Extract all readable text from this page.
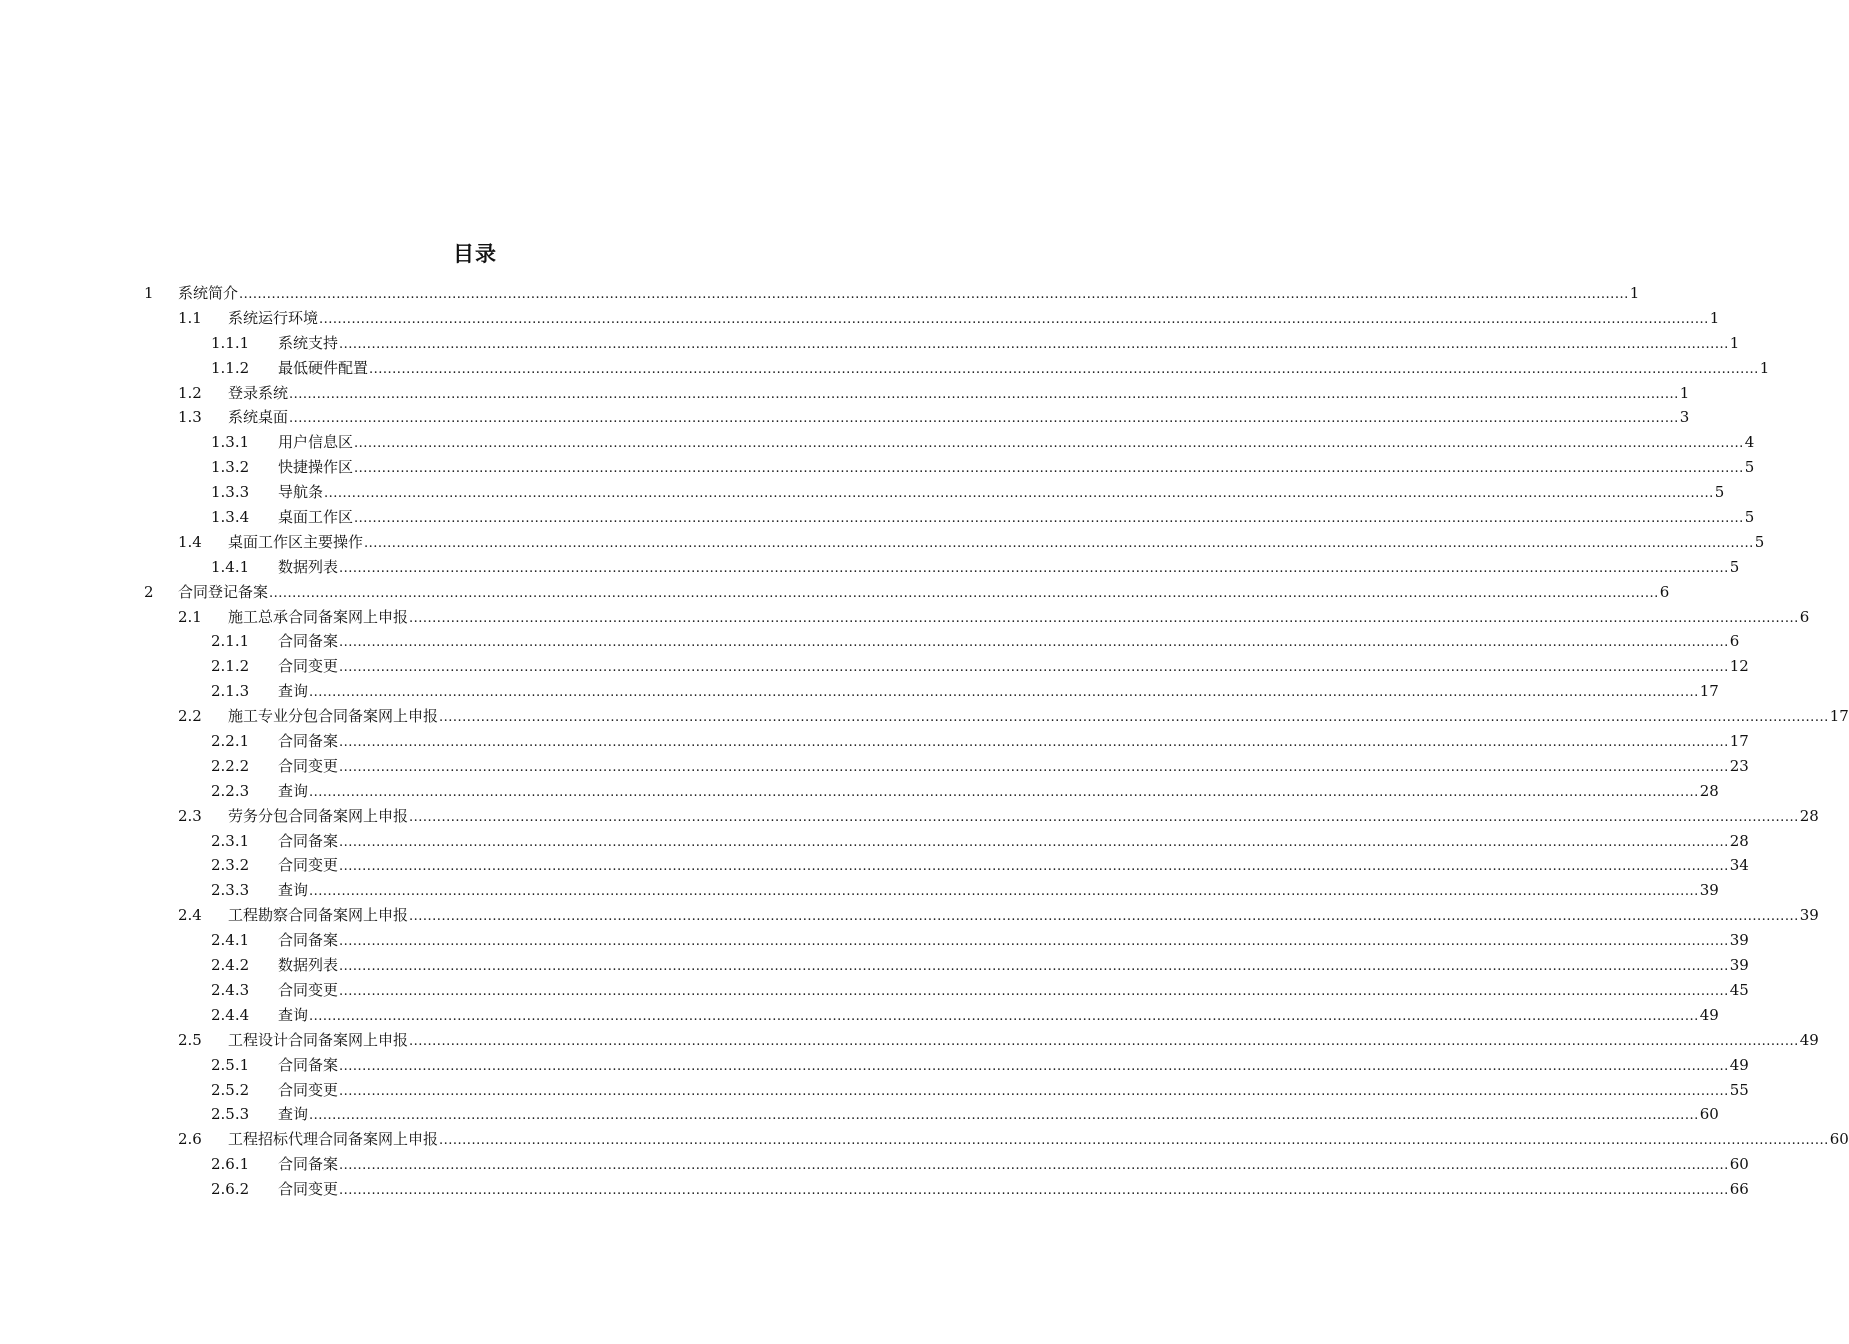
目录
1 系统简介 ............................................................................................................................................................................................................................................................................................................ 1
1.1 系统运行环境 ............................................................................................................................................................................................................................................................................................................ 1
1.1.1 系统支持 ............................................................................................................................................................................................................................................................................................................ 1
1.1.2 最低硬件配置 ............................................................................................................................................................................................................................................................................................................ 1
1.2 登录系统 ............................................................................................................................................................................................................................................................................................................ 1
1.3 系统桌面 ............................................................................................................................................................................................................................................................................................................ 3
1.3.1 用户信息区 ............................................................................................................................................................................................................................................................................................................ 4
1.3.2 快捷操作区 ............................................................................................................................................................................................................................................................................................................ 5
1.3.3 导航条 ............................................................................................................................................................................................................................................................................................................ 5
1.3.4 桌面工作区 ............................................................................................................................................................................................................................................................................................................ 5
1.4 桌面工作区主要操作 ............................................................................................................................................................................................................................................................................................................ 5
1.4.1 数据列表 ............................................................................................................................................................................................................................................................................................................ 5
2 合同登记备案 ............................................................................................................................................................................................................................................................................................................ 6
2.1 施工总承合同备案网上申报 ............................................................................................................................................................................................................................................................................................................ 6
2.1.1 合同备案 ............................................................................................................................................................................................................................................................................................................ 6
2.1.2 合同变更 ............................................................................................................................................................................................................................................................................................................ 12
2.1.3 查询 ............................................................................................................................................................................................................................................................................................................ 17
2.2 施工专业分包合同备案网上申报 ............................................................................................................................................................................................................................................................................................................ 17
2.2.1 合同备案 ............................................................................................................................................................................................................................................................................................................ 17
2.2.2 合同变更 ............................................................................................................................................................................................................................................................................................................ 23
2.2.3 查询 ............................................................................................................................................................................................................................................................................................................ 28
2.3 劳务分包合同备案网上申报 ............................................................................................................................................................................................................................................................................................................ 28
2.3.1 合同备案 ............................................................................................................................................................................................................................................................................................................ 28
2.3.2 合同变更 ............................................................................................................................................................................................................................................................................................................ 34
2.3.3 查询 ............................................................................................................................................................................................................................................................................................................ 39
2.4 工程勘察合同备案网上申报 ............................................................................................................................................................................................................................................................................................................ 39
2.4.1 合同备案 ............................................................................................................................................................................................................................................................................................................ 39
2.4.2 数据列表 ............................................................................................................................................................................................................................................................................................................ 39
2.4.3 合同变更 ............................................................................................................................................................................................................................................................................................................ 45
2.4.4 查询 ............................................................................................................................................................................................................................................................................................................ 49
2.5 工程设计合同备案网上申报 ............................................................................................................................................................................................................................................................................................................ 49
2.5.1 合同备案 ............................................................................................................................................................................................................................................................................................................ 49
2.5.2 合同变更 ............................................................................................................................................................................................................................................................................................................ 55
2.5.3 查询 ............................................................................................................................................................................................................................................................................................................ 60
2.6 工程招标代理合同备案网上申报 ............................................................................................................................................................................................................................................................................................................ 60
2.6.1 合同备案 ............................................................................................................................................................................................................................................................................................................ 60
2.6.2 合同变更 ............................................................................................................................................................................................................................................................................................................ 66
